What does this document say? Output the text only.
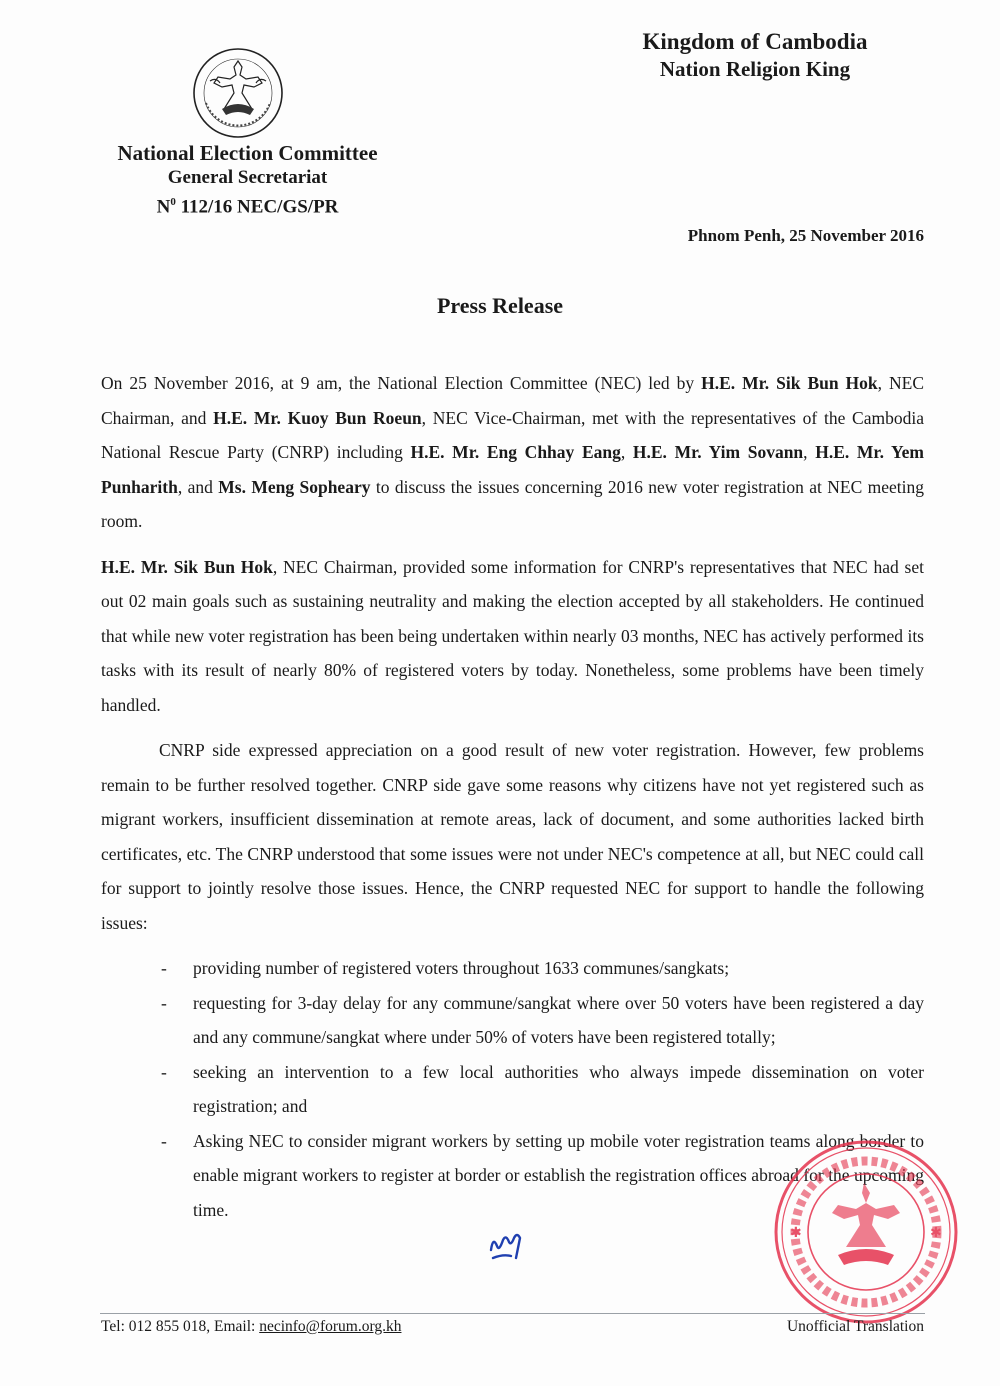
National Election Committee
General Secretariat
$N^0$ 112/16 NEC/GS/PR
Kingdom of Cambodia
Nation Religion King
Phnom Penh, 25 November 2016
Press Release

On 25 November 2016, at 9 am, the National Election Committee (NEC) led by H.E. Mr. Sik Bun Hok, NEC Chairman, and H.E. Mr. Kuoy Bun Roeun, NEC Vice-Chairman, met with the representatives of the Cambodia National Rescue Party (CNRP) including H.E. Mr. Eng Chhay Eang, H.E. Mr. Yim Sovann, H.E. Mr. Yem Punharith, and Ms. Meng Sopheary to discuss the issues concerning 2016 new voter registration at NEC meeting room.

H.E. Mr. Sik Bun Hok, NEC Chairman, provided some information for CNRP's representatives that NEC had set out 02 main goals such as sustaining neutrality and making the election accepted by all stakeholders. He continued that while new voter registration has been being undertaken within nearly 03 months, NEC has actively performed its tasks with its result of nearly 80% of registered voters by today. Nonetheless, some problems have been timely handled.

CNRP side expressed appreciation on a good result of new voter registration. However, few problems remain to be further resolved together. CNRP side gave some reasons why citizens have not yet registered such as migrant workers, insufficient dissemination at remote areas, lack of document, and some authorities lacked birth certificates, etc. The CNRP understood that some issues were not under NEC's competence at all, but NEC could call for support to jointly resolve those issues. Hence, the CNRP requested NEC for support to handle the following issues:

- providing number of registered voters throughout 1633 communes/sangkats;
- requesting for 3-day delay for any commune/sangkat where over 50 voters have been registered a day and any commune/sangkat where under 50% of voters have been registered totally;
- seeking an intervention to a few local authorities who always impede dissemination on voter registration; and
- Asking NEC to consider migrant workers by setting up mobile voter registration teams along border to enable migrant workers to register at border or establish the registration offices abroad for the upcoming time.
✱	✱
Tel: 012 855 018, Email: necinfo@forum.org.kh	Unofficial Translation
